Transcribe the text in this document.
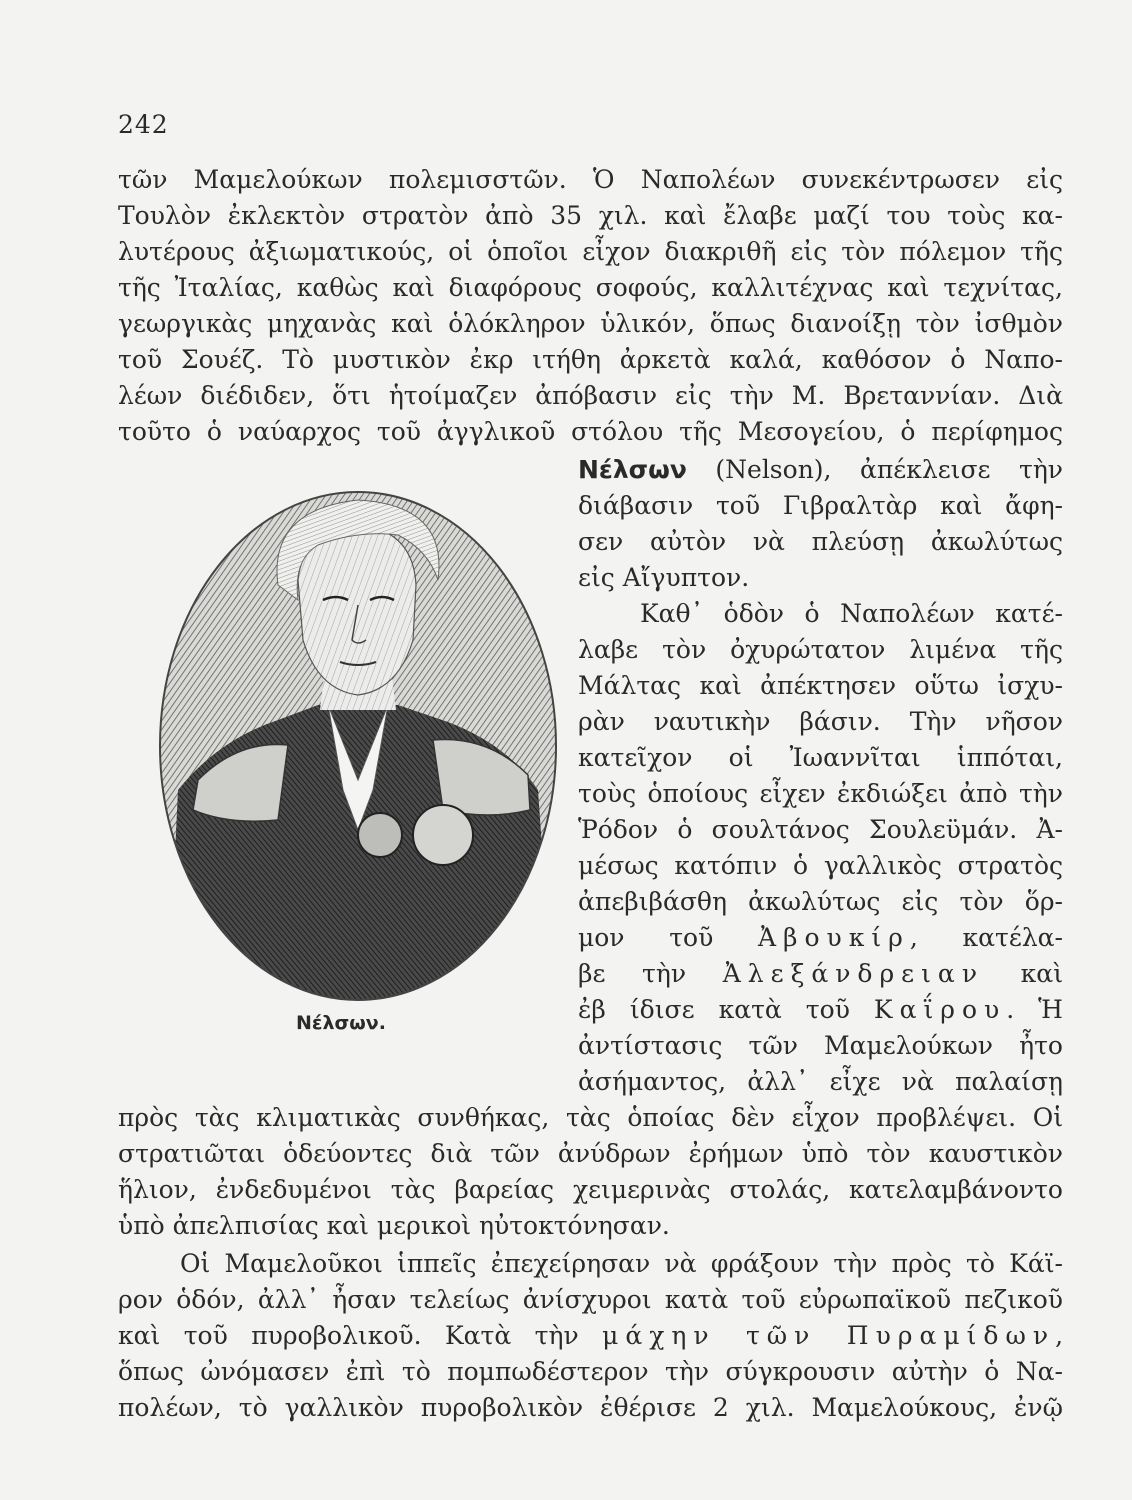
242
τῶν Μαμελούκων πολεμισστῶν. Ὁ Ναπολέων συνεκέντρωσεν εἰς
Τουλὸν ἐκλεκτὸν στρατὸν ἀπὸ 35 χιλ. καὶ ἔλαβε μαζί του τοὺς κα-
λυτέρους ἀξιωματικούς, οἱ ὁποῖοι εἶχον διακριθῆ εἰς τὸν πόλεμον τῆς
τῆς Ἰταλίας, καθὼς καὶ διαφόρους σοφούς, καλλιτέχνας καὶ τεχνίτας,
γεωργικὰς μηχανὰς καὶ ὁλόκληρον ὑλικόν, ὅπως διανοίξῃ τὸν ἰσθμὸν
τοῦ Σουέζ. Τὸ μυστικὸν ἐκρ ιτήθη ἀρκετὰ καλά, καθόσον ὁ Ναπο-
λέων διέδιδεν, ὅτι ἡτοίμαζεν ἀπόβασιν εἰς τὴν Μ. Βρεταννίαν. Διὰ
τοῦτο ὁ ναύαρχος τοῦ ἀγγλικοῦ στόλου τῆς Μεσογείου, ὁ περίφημος
Νέλσων (Nelson), ἀπέκλεισε τὴν
διάβασιν τοῦ Γιβραλτὰρ καὶ ἄφη-
σεν αὐτὸν νὰ πλεύσῃ ἀκωλύτως
εἰς Αἴγυπτον.
Καθ᾽ ὁδὸν ὁ Ναπολέων κατέ-
λαβε τὸν ὀχυρώτατον λιμένα τῆς
Μάλτας καὶ ἀπέκτησεν οὕτω ἰσχυ-
ρὰν ναυτικὴν βάσιν. Τὴν νῆσον
κατεῖχον οἱ Ἰωαννῖται ἱππόται,
τοὺς ὁποίους εἶχεν ἐκδιώξει ἀπὸ τὴν
Ῥόδον ὁ σουλτάνος Σουλεϋμάν. Ἀ-
μέσως κατόπιν ὁ γαλλικὸς στρατὸς
ἀπεβιβάσθη ἀκωλύτως εἰς τὸν ὅρ-
μον τοῦ Ἀβουκίρ, κατέλα-
βε τὴν Ἀλεξάνδρειαν καὶ
ἐβ ίδισε κατὰ τοῦ Καΐρου. Ἡ
ἀντίστασις τῶν Μαμελούκων ἦτο
ἀσήμαντος, ἀλλ᾽ εἶχε νὰ παλαίσῃ
πρὸς τὰς κλιματικὰς συνθήκας, τὰς ὁποίας δὲν εἶχον προβλέψει. Οἱ
στρατιῶται ὁδεύοντες διὰ τῶν ἀνύδρων ἐρήμων ὑπὸ τὸν καυστικὸν
ἥλιον, ἐνδεδυμένοι τὰς βαρείας χειμερινὰς στολάς, κατελαμβάνοντο
ὑπὸ ἀπελπισίας καὶ μερικοὶ ηὐτοκτόνησαν.
Οἱ Μαμελοῦκοι ἱππεῖς ἐπεχείρησαν νὰ φράξουν τὴν πρὸς τὸ Κάϊ-
ρον ὁδόν, ἀλλ᾽ ἦσαν τελείως ἀνίσχυροι κατὰ τοῦ εὐρωπαϊκοῦ πεζικοῦ
καὶ τοῦ πυροβολικοῦ. Κατὰ τὴν μάχην τῶν Πυραμίδων,
ὅπως ὠνόμασεν ἐπὶ τὸ πομπωδέστερον τὴν σύγκρουσιν αὐτὴν ὁ Να-
πολέων, τὸ γαλλικὸν πυροβολικὸν ἐθέρισε 2 χιλ. Μαμελούκους, ἐνῷ
Νέλσων.
